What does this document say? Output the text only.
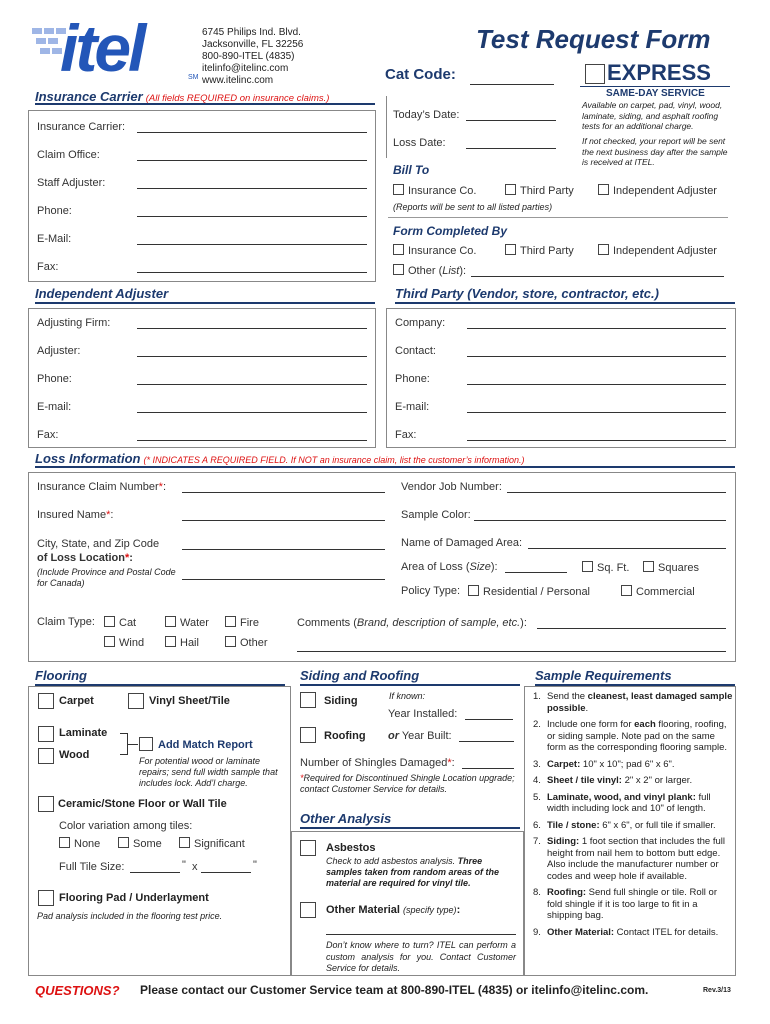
itel	SM
6745 Philips Ind. Blvd.
Jacksonville, FL 32256
800-890-ITEL (4835)
itelinfo@itelinc.com
www.itelinc.com
Test Request Form
Cat Code:	EXPRESS
SAME-DAY SERVICE
Available on carpet, pad, vinyl, wood, laminate, siding, and asphalt roofing tests for an additional charge.
If not checked, your report will be sent the next business day after the sample is received at ITEL.
Insurance Carrier (All fields REQUIRED on insurance claims.)
Insurance Carrier:
Claim Office:
Staff Adjuster:
Phone:
E-Mail:
Fax:
Today’s Date:
Loss Date:
Bill To
Insurance Co.	Third Party	Independent Adjuster
(Reports will be sent to all listed parties)
Form Completed By
Insurance Co.	Third Party	Independent Adjuster
Other (List):
Independent Adjuster
Adjusting Firm:
Adjuster:
Phone:
E-mail:
Fax:
Third Party (Vendor, store, contractor, etc.)
Company:
Contact:
Phone:
E-mail:
Fax:
Loss Information (* INDICATES A REQUIRED FIELD. If NOT an insurance claim, list the customer’s information.)
Insurance Claim Number*:
Insured Name*:
City, State, and Zip Code
of Loss Location*:
(Include Province and Postal Code for Canada)
Vendor Job Number:
Sample Color:
Name of Damaged Area:
Area of Loss (Size):	Sq. Ft.	Squares
Policy Type:	Residential / Personal	Commercial
Claim Type:	Cat	Water	Fire
Wind	Hail	Other
Comments (Brand, description of sample, etc.):
Flooring
Carpet	Vinyl Sheet/Tile
Laminate
Wood
Add Match Report
For potential wood or laminate repairs; send full width sample that includes lock. Add’l charge.
Ceramic/Stone Floor or Wall Tile
Color variation among tiles:
None	Some	Significant
Full Tile Size:	" x	"
Flooring Pad / Underlayment
Pad analysis included in the flooring test price.
Siding and Roofing
Siding	If known:
Year Installed:
Roofing or Year Built:
Number of Shingles Damaged*:
*Required for Discontinued Shingle Location upgrade; contact Customer Service for details.
Other Analysis
Asbestos
Check to add asbestos analysis. Three samples taken from random areas of the material are required for vinyl tile.
Other Material (specify type):
Don’t know where to turn? ITEL can perform a custom analysis for you. Contact Customer Service for details.
Sample Requirements
1. Send the cleanest, least damaged sample possible.
2. Include one form for each flooring, roofing, or siding sample. Note pad on the same form as the corresponding flooring sample.
3. Carpet: 10" x 10"; pad 6" x 6".
4. Sheet / tile vinyl: 2" x 2" or larger.
5. Laminate, wood, and vinyl plank: full width including lock and 10" of length.
6. Tile / stone: 6" x 6", or full tile if smaller.
7. Siding: 1 foot section that includes the full height from nail hem to bottom butt edge. Also include the manufacturer number or codes and weep hole if available.
8. Roofing: Send full shingle or tile. Roll or fold shingle if it is too large to fit in a shipping bag.
9. Other Material: Contact ITEL for details.
QUESTIONS? Please contact our Customer Service team at 800-890-ITEL (4835) or itelinfo@itelinc.com.	Rev.3/13
